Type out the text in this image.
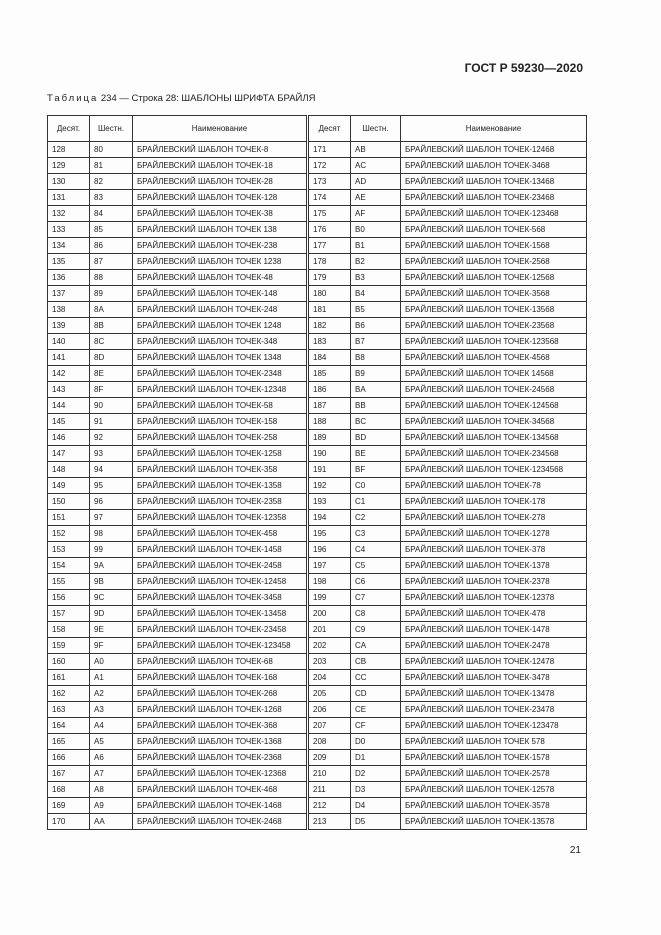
ГОСТ Р 59230—2020
Таблица 234 — Строка 28: ШАБЛОНЫ ШРИФТА БРАЙЛЯ
Десят.	Шестн.	Наименование	Десят	Шестн.	Наименование
128	80	БРАЙЛЕВСКИЙ ШАБЛОН ТОЧЕК-8	171	AB	БРАЙЛЕВСКИЙ ШАБЛОН ТОЧЕК-12468
129	81	БРАЙЛЕВСКИЙ ШАБЛОН ТОЧЕК-18	172	AC	БРАЙЛЕВСКИЙ ШАБЛОН ТОЧЕК-3468
130	82	БРАЙЛЕВСКИЙ ШАБЛОН ТОЧЕК-28	173	AD	БРАЙЛЕВСКИЙ ШАБЛОН ТОЧЕК-13468
131	83	БРАЙЛЕВСКИЙ ШАБЛОН ТОЧЕК-128	174	AE	БРАЙЛЕВСКИЙ ШАБЛОН ТОЧЕК-23468
132	84	БРАЙЛЕВСКИЙ ШАБЛОН ТОЧЕК-38	175	AF	БРАЙЛЕВСКИЙ ШАБЛОН ТОЧЕК-123468
133	85	БРАЙЛЕВСКИЙ ШАБЛОН ТОЧЕК 138	176	B0	БРАЙЛЕВСКИЙ ШАБЛОН ТОЧЕК-568
134	86	БРАЙЛЕВСКИЙ ШАБЛОН ТОЧЕК-238	177	B1	БРАЙЛЕВСКИЙ ШАБЛОН ТОЧЕК-1568
135	87	БРАЙЛЕВСКИЙ ШАБЛОН ТОЧЕК 1238	178	B2	БРАЙЛЕВСКИЙ ШАБЛОН ТОЧЕК-2568
136	88	БРАЙЛЕВСКИЙ ШАБЛОН ТОЧЕК-48	179	B3	БРАЙЛЕВСКИЙ ШАБЛОН ТОЧЕК-12568
137	89	БРАЙЛЕВСКИЙ ШАБЛОН ТОЧЕК-148	180	B4	БРАЙЛЕВСКИЙ ШАБЛОН ТОЧЕК-3568
138	8A	БРАЙЛЕВСКИЙ ШАБЛОН ТОЧЕК-248	181	B5	БРАЙЛЕВСКИЙ ШАБЛОН ТОЧЕК-13568
139	8B	БРАЙЛЕВСКИЙ ШАБЛОН ТОЧЕК 1248	182	B6	БРАЙЛЕВСКИЙ ШАБЛОН ТОЧЕК-23568
140	8C	БРАЙЛЕВСКИЙ ШАБЛОН ТОЧЕК-348	183	B7	БРАЙЛЕВСКИЙ ШАБЛОН ТОЧЕК-123568
141	8D	БРАЙЛЕВСКИЙ ШАБЛОН ТОЧЕК 1348	184	B8	БРАЙЛЕВСКИЙ ШАБЛОН ТОЧЕК-4568
142	8E	БРАЙЛЕВСКИЙ ШАБЛОН ТОЧЕК-2348	185	B9	БРАЙЛЕВСКИЙ ШАБЛОН ТОЧЕК 14568
143	8F	БРАЙЛЕВСКИЙ ШАБЛОН ТОЧЕК-12348	186	BA	БРАЙЛЕВСКИЙ ШАБЛОН ТОЧЕК-24568
144	90	БРАЙЛЕВСКИЙ ШАБЛОН ТОЧЕК-58	187	BB	БРАЙЛЕВСКИЙ ШАБЛОН ТОЧЕК-124568
145	91	БРАЙЛЕВСКИЙ ШАБЛОН ТОЧЕК-158	188	BC	БРАЙЛЕВСКИЙ ШАБЛОН ТОЧЕК-34568
146	92	БРАЙЛЕВСКИЙ ШАБЛОН ТОЧЕК-258	189	BD	БРАЙЛЕВСКИЙ ШАБЛОН ТОЧЕК-134568
147	93	БРАЙЛЕВСКИЙ ШАБЛОН ТОЧЕК-1258	190	BE	БРАЙЛЕВСКИЙ ШАБЛОН ТОЧЕК-234568
148	94	БРАЙЛЕВСКИЙ ШАБЛОН ТОЧЕК-358	191	BF	БРАЙЛЕВСКИЙ ШАБЛОН ТОЧЕК-1234568
149	95	БРАЙЛЕВСКИЙ ШАБЛОН ТОЧЕК-1358	192	C0	БРАЙЛЕВСКИЙ ШАБЛОН ТОЧЕК-78
150	96	БРАЙЛЕВСКИЙ ШАБЛОН ТОЧЕК-2358	193	C1	БРАЙЛЕВСКИЙ ШАБЛОН ТОЧЕК-178
151	97	БРАЙЛЕВСКИЙ ШАБЛОН ТОЧЕК-12358	194	C2	БРАЙЛЕВСКИЙ ШАБЛОН ТОЧЕК-278
152	98	БРАЙЛЕВСКИЙ ШАБЛОН ТОЧЕК-458	195	C3	БРАЙЛЕВСКИЙ ШАБЛОН ТОЧЕК-1278
153	99	БРАЙЛЕВСКИЙ ШАБЛОН ТОЧЕК-1458	196	C4	БРАЙЛЕВСКИЙ ШАБЛОН ТОЧЕК-378
154	9A	БРАЙЛЕВСКИЙ ШАБЛОН ТОЧЕК-2458	197	C5	БРАЙЛЕВСКИЙ ШАБЛОН ТОЧЕК-1378
155	9B	БРАЙЛЕВСКИЙ ШАБЛОН ТОЧЕК-12458	198	C6	БРАЙЛЕВСКИЙ ШАБЛОН ТОЧЕК-2378
156	9C	БРАЙЛЕВСКИЙ ШАБЛОН ТОЧЕК-3458	199	C7	БРАЙЛЕВСКИЙ ШАБЛОН ТОЧЕК-12378
157	9D	БРАЙЛЕВСКИЙ ШАБЛОН ТОЧЕК-13458	200	C8	БРАЙЛЕВСКИЙ ШАБЛОН ТОЧЕК-478
158	9E	БРАЙЛЕВСКИЙ ШАБЛОН ТОЧЕК-23458	201	C9	БРАЙЛЕВСКИЙ ШАБЛОН ТОЧЕК-1478
159	9F	БРАЙЛЕВСКИЙ ШАБЛОН ТОЧЕК-123458	202	CA	БРАЙЛЕВСКИЙ ШАБЛОН ТОЧЕК-2478
160	A0	БРАЙЛЕВСКИЙ ШАБЛОН ТОЧЕК-68	203	CB	БРАЙЛЕВСКИЙ ШАБЛОН ТОЧЕК-12478
161	A1	БРАЙЛЕВСКИЙ ШАБЛОН ТОЧЕК-168	204	CC	БРАЙЛЕВСКИЙ ШАБЛОН ТОЧЕК-3478
162	A2	БРАЙЛЕВСКИЙ ШАБЛОН ТОЧЕК-268	205	CD	БРАЙЛЕВСКИЙ ШАБЛОН ТОЧЕК-13478
163	A3	БРАЙЛЕВСКИЙ ШАБЛОН ТОЧЕК-1268	206	CE	БРАЙЛЕВСКИЙ ШАБЛОН ТОЧЕК-23478
164	A4	БРАЙЛЕВСКИЙ ШАБЛОН ТОЧЕК-368	207	CF	БРАЙЛЕВСКИЙ ШАБЛОН ТОЧЕК-123478
165	A5	БРАЙЛЕВСКИЙ ШАБЛОН ТОЧЕК-1368	208	D0	БРАЙЛЕВСКИЙ ШАБЛОН ТОЧЕК 578
166	A6	БРАЙЛЕВСКИЙ ШАБЛОН ТОЧЕК-2368	209	D1	БРАЙЛЕВСКИЙ ШАБЛОН ТОЧЕК-1578
167	A7	БРАЙЛЕВСКИЙ ШАБЛОН ТОЧЕК-12368	210	D2	БРАЙЛЕВСКИЙ ШАБЛОН ТОЧЕК-2578
168	A8	БРАЙЛЕВСКИЙ ШАБЛОН ТОЧЕК-468	211	D3	БРАЙЛЕВСКИЙ ШАБЛОН ТОЧЕК-12578
169	A9	БРАЙЛЕВСКИЙ ШАБЛОН ТОЧЕК-1468	212	D4	БРАЙЛЕВСКИЙ ШАБЛОН ТОЧЕК-3578
170	AA	БРАЙЛЕВСКИЙ ШАБЛОН ТОЧЕК-2468	213	D5	БРАЙЛЕВСКИЙ ШАБЛОН ТОЧЕК-13578
21
